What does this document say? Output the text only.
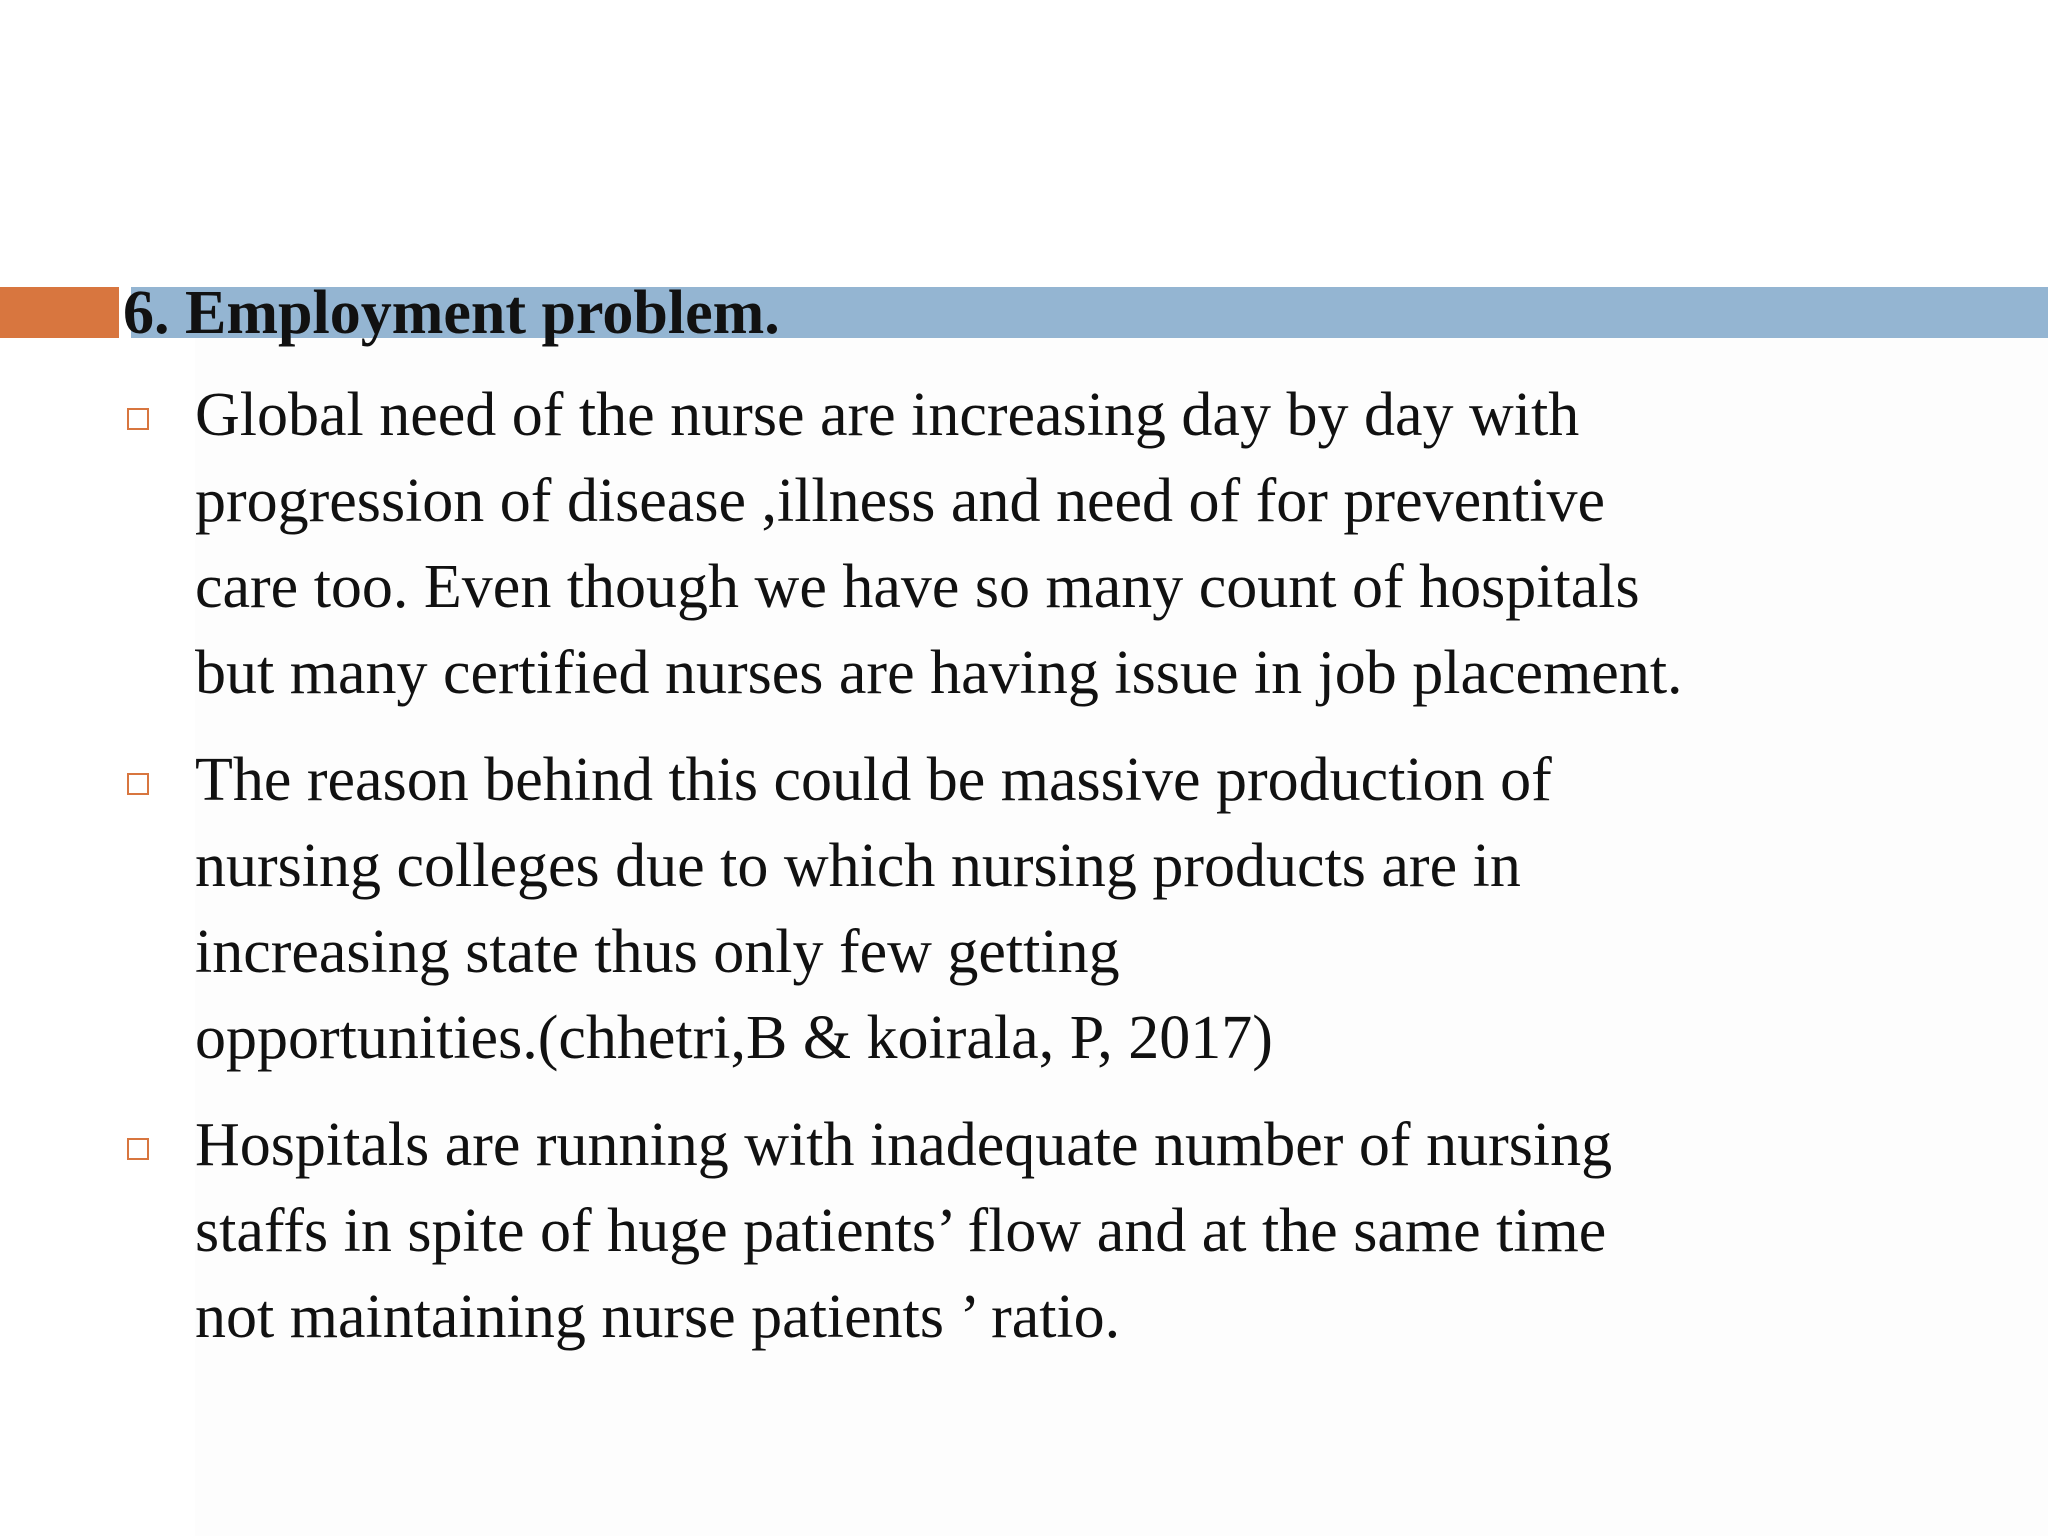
6. Employment problem.
Global need of the nurse are increasing day by day with
progression of disease ,illness and need of for preventive
care too. Even though we have so many count of hospitals
but many certified nurses are having issue in job placement.
The reason behind this could be massive production of
nursing colleges due to which nursing products are in
increasing state thus only few getting
opportunities.(chhetri,B & koirala, P, 2017)
Hospitals are running with inadequate number of nursing
staffs in spite of huge patients’ flow and at the same time
not maintaining nurse patients ’ ratio.
